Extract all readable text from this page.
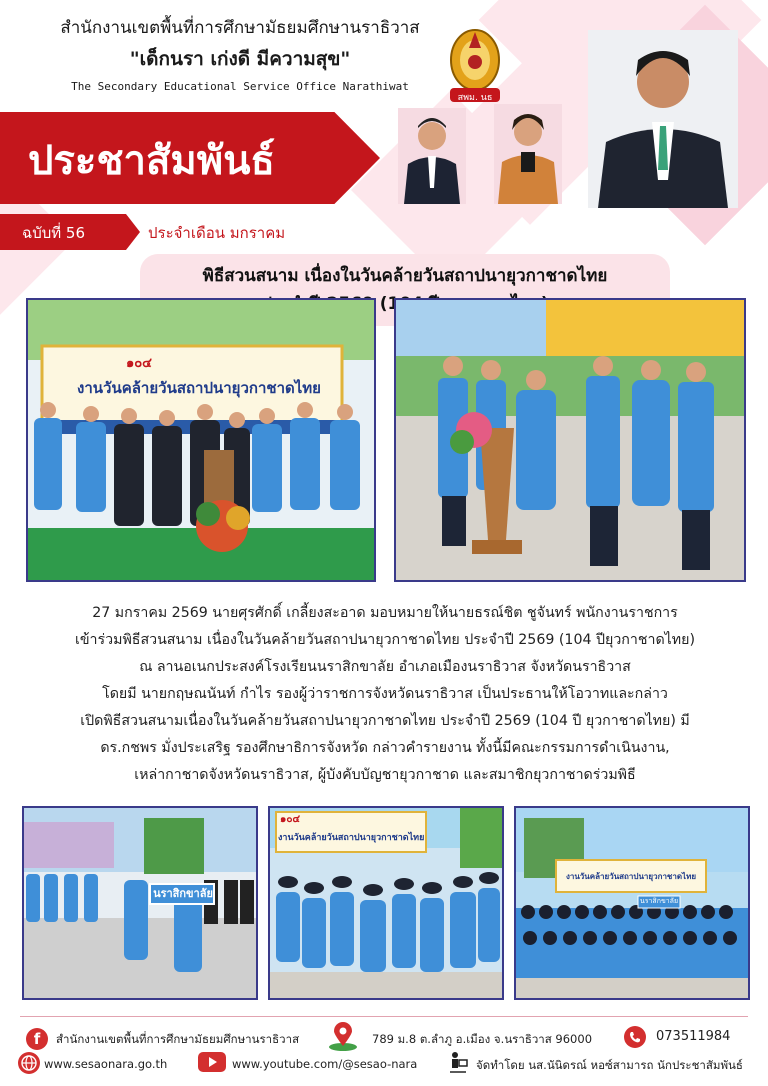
สำนักงานเขตพื้นที่การศึกษามัธยมศึกษานราธิวาส
"เด็กนรา เก่งดี มีความสุข"
The Secondary Educational Service Office Narathiwat
สพม. นธ
ประชาสัมพันธ์
ฉบับที่ 56	ประจำเดือน มกราคม
พิธีสวนสนาม เนื่องในวันคล้ายวันสถาปนายุวกาชาดไทย
๑๐๔
งานวันคล้ายวันสถาปนายุวกาชาดไทย
27 มกราคม 2569 นายศุรศักดิ์ เกลี้ยงสะอาด มอบหมายให้นายธรณ์ชิต ชูจันทร์ พนักงานราชการ
เข้าร่วมพิธีสวนสนาม เนื่องในวันคล้ายวันสถาปนายุวกาชาดไทย ประจำปี 2569 (104 ปียุวกาชาดไทย)
ณ ลานอเนกประสงค์โรงเรียนนราสิกขาลัย อำเภอเมืองนราธิวาส จังหวัดนราธิวาส
โดยมี นายกฤษณนันท์ กำไร รองผู้ว่าราชการจังหวัดนราธิวาส เป็นประธานให้โอวาทและกล่าว
เปิดพิธีสวนสนามเนื่องในวันคล้ายวันสถาปนายุวกาชาดไทย ประจำปี 2569 (104 ปี ยุวกาชาดไทย) มี
ดร.กชพร มั่งประเสริฐ รองศึกษาธิการจังหวัด กล่าวคำรายงาน ทั้งนี้มีคณะกรรมการดำเนินงาน,
เหล่ากาชาดจังหวัดนราธิวาส, ผู้บังคับบัญชายุวกาชาด และสมาชิกยุวกาชาดร่วมพิธี
นราสิกขาลัย
๑๐๔
งานวันคล้ายวันสถาปนายุวกาชาดไทย
งานวันคล้ายวันสถาปนายุวกาชาดไทย
นราสิกขาลัย
f	สำนักงานเขตพื้นที่การศึกษามัธยมศึกษานราธิวาส	789 ม.8 ต.ลำภู อ.เมือง จ.นราธิวาส 96000	073511984
www.sesaonara.go.th	www.youtube.com/@sesao-nara	จัดทำโดย นส.นันิดรณ์ หอซ์สามารถ นักประชาสัมพันธ์
